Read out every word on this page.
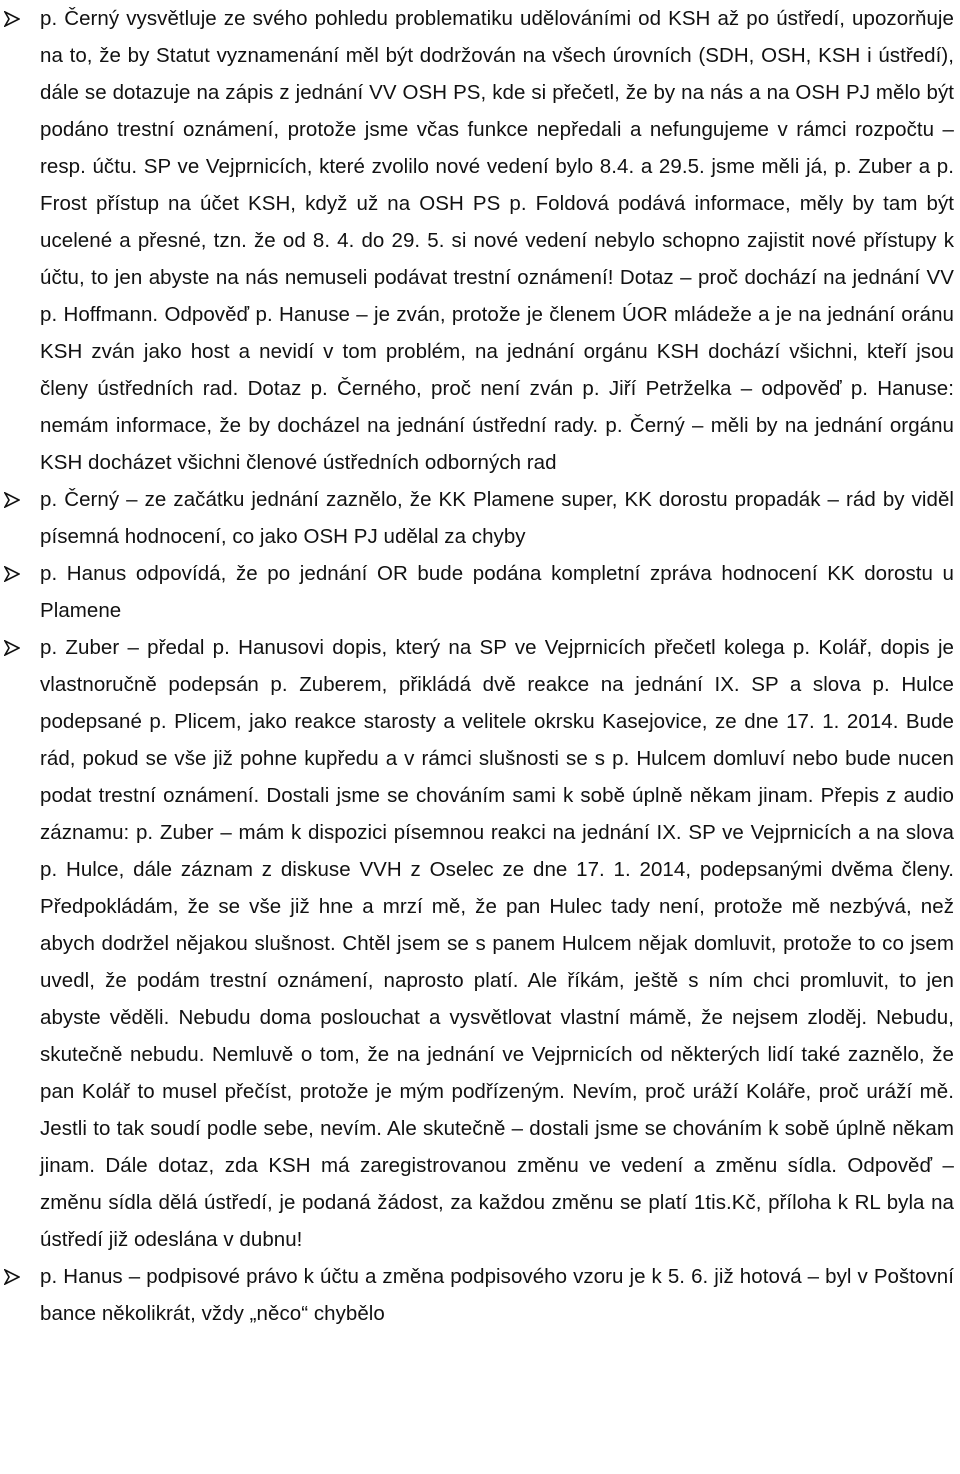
p. Černý vysvětluje ze svého pohledu problematiku udělováními od KSH až po ústředí, upozorňuje na to, že by Statut vyznamenání měl být dodržován na všech úrovních (SDH, OSH, KSH i ústředí), dále se dotazuje na zápis z jednání VV OSH PS, kde si přečetl, že by na nás a na OSH PJ mělo být podáno trestní oznámení, protože jsme včas funkce nepředali a nefungujeme v rámci rozpočtu – resp. účtu. SP ve Vejprnicích, které zvolilo nové vedení bylo 8.4. a 29.5. jsme měli já, p. Zuber a p. Frost přístup na účet KSH, když už na OSH PS p. Foldová podává informace, měly by tam být ucelené a přesné, tzn. že od 8. 4. do 29. 5. si nové vedení nebylo schopno zajistit nové přístupy k účtu, to jen abyste na nás nemuseli podávat trestní oznámení! Dotaz – proč dochází na jednání VV p. Hoffmann. Odpověď p. Hanuse – je zván, protože je členem ÚOR mládeže a je na jednání oránu KSH zván jako host a nevidí v tom problém, na jednání orgánu KSH dochází všichni, kteří jsou členy ústředních rad. Dotaz p. Černého, proč není zván p. Jiří Petrželka – odpověď p. Hanuse: nemám informace, že by docházel na jednání ústřední rady. p. Černý – měli by na jednání orgánu KSH docházet všichni členové ústředních odborných rad
p. Černý – ze začátku jednání zaznělo, že KK Plamene super, KK dorostu propadák – rád by viděl písemná hodnocení, co jako OSH PJ udělal za chyby
p. Hanus odpovídá, že po jednání OR bude podána kompletní zpráva hodnocení KK dorostu u Plamene
p. Zuber – předal p. Hanusovi dopis, který na SP ve Vejprnicích přečetl kolega p. Kolář, dopis je vlastnoručně podepsán p. Zuberem, přikládá dvě reakce na jednání IX. SP a slova p. Hulce podepsané p. Plicem, jako reakce starosty a velitele okrsku Kasejovice, ze dne 17. 1. 2014. Bude rád, pokud se vše již pohne kupředu a v rámci slušnosti se s p. Hulcem domluví nebo bude nucen podat trestní oznámení. Dostali jsme se chováním sami k sobě úplně někam jinam. Přepis z audio záznamu: p. Zuber – mám k dispozici písemnou reakci na jednání IX. SP ve Vejprnicích a na slova p. Hulce, dále záznam z diskuse VVH z Oselec ze dne 17. 1. 2014, podepsanými dvěma členy. Předpokládám, že se vše již hne a mrzí mě, že pan Hulec tady není, protože mě nezbývá, než abych dodržel nějakou slušnost. Chtěl jsem se s panem Hulcem nějak domluvit, protože to co jsem uvedl, že podám trestní oznámení, naprosto platí. Ale říkám, ještě s ním chci promluvit, to jen abyste věděli. Nebudu doma poslouchat a vysvětlovat vlastní mámě, že nejsem zloděj. Nebudu, skutečně nebudu. Nemluvě o tom, že na jednání ve Vejprnicích od některých lidí také zaznělo, že pan Kolář to musel přečíst, protože je mým podřízeným. Nevím, proč uráží Koláře, proč uráží mě. Jestli to tak soudí podle sebe, nevím. Ale skutečně – dostali jsme se chováním k sobě úplně někam jinam. Dále dotaz, zda KSH má zaregistrovanou změnu ve vedení a změnu sídla. Odpověď – změnu sídla dělá ústředí, je podaná žádost, za každou změnu se platí 1tis.Kč, příloha k RL byla na ústředí již odeslána v dubnu!
p. Hanus – podpisové právo k účtu a změna podpisového vzoru je k 5. 6. již hotová – byl v Poštovní bance několikrát, vždy „něco“ chybělo
